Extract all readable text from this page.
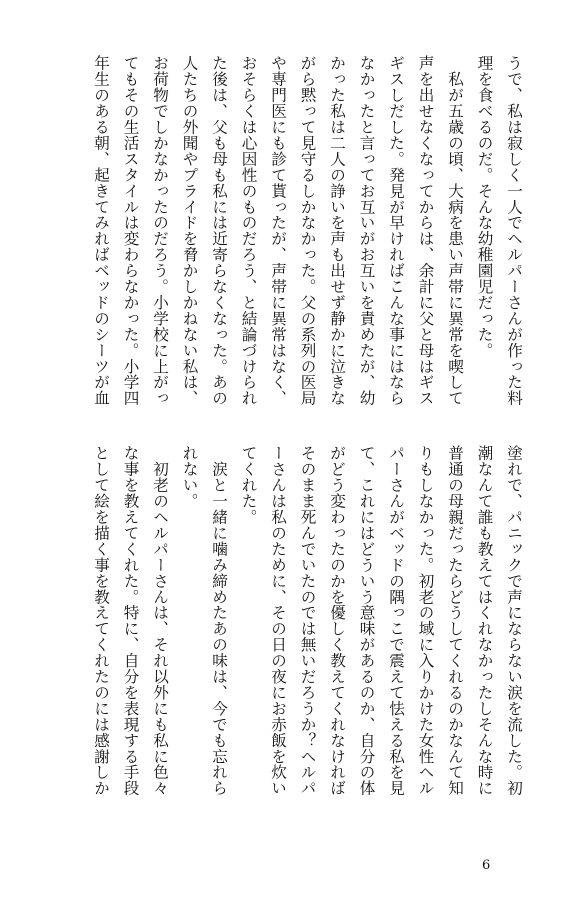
うで、私は寂しく一人でヘルパーさんが作った料
理を食べるのだ。そんな幼稚園児だった。
　私が五歳の頃、大病を患い声帯に異常を喫して
声を出せなくなってからは、余計に父と母はギス
ギスしだした。発見が早ければこんな事にはなら
なかったと言ってお互いがお互いを責めたが、幼
かった私は二人の諍いを声も出せず静かに泣きな
がら黙って見守るしかなかった。父の系列の医局
や専門医にも診て貰ったが、声帯に異常はなく、
おそらくは心因性のものだろう、と結論づけられ
た後は、父も母も私には近寄らなくなった。あの
人たちの外聞やプライドを脅かしかねない私は、
お荷物でしかなかったのだろう。小学校に上がっ
てもその生活スタイルは変わらなかった。小学四
年生のある朝、起きてみればベッドのシーツが血
塗れで、パニックで声にならない涙を流した。初
潮なんて誰も教えてはくれなかったしそんな時に
普通の母親だったらどうしてくれるのかなんて知
りもしなかった。初老の域に入りかけた女性ヘル
パーさんがベッドの隅っこで震えて怯える私を見
て、これにはどういう意味があるのか、自分の体
がどう変わったのかを優しく教えてくれなければ
そのまま死んでいたのでは無いだろうか？ヘルパ
ーさんは私のために、その日の夜にお赤飯を炊い
てくれた。
　涙と一緒に噛み締めたあの味は、今でも忘れら
れない。
　初老のヘルパーさんは、それ以外にも私に色々
な事を教えてくれた。特に、自分を表現する手段
として絵を描く事を教えてくれたのには感謝しか
6
